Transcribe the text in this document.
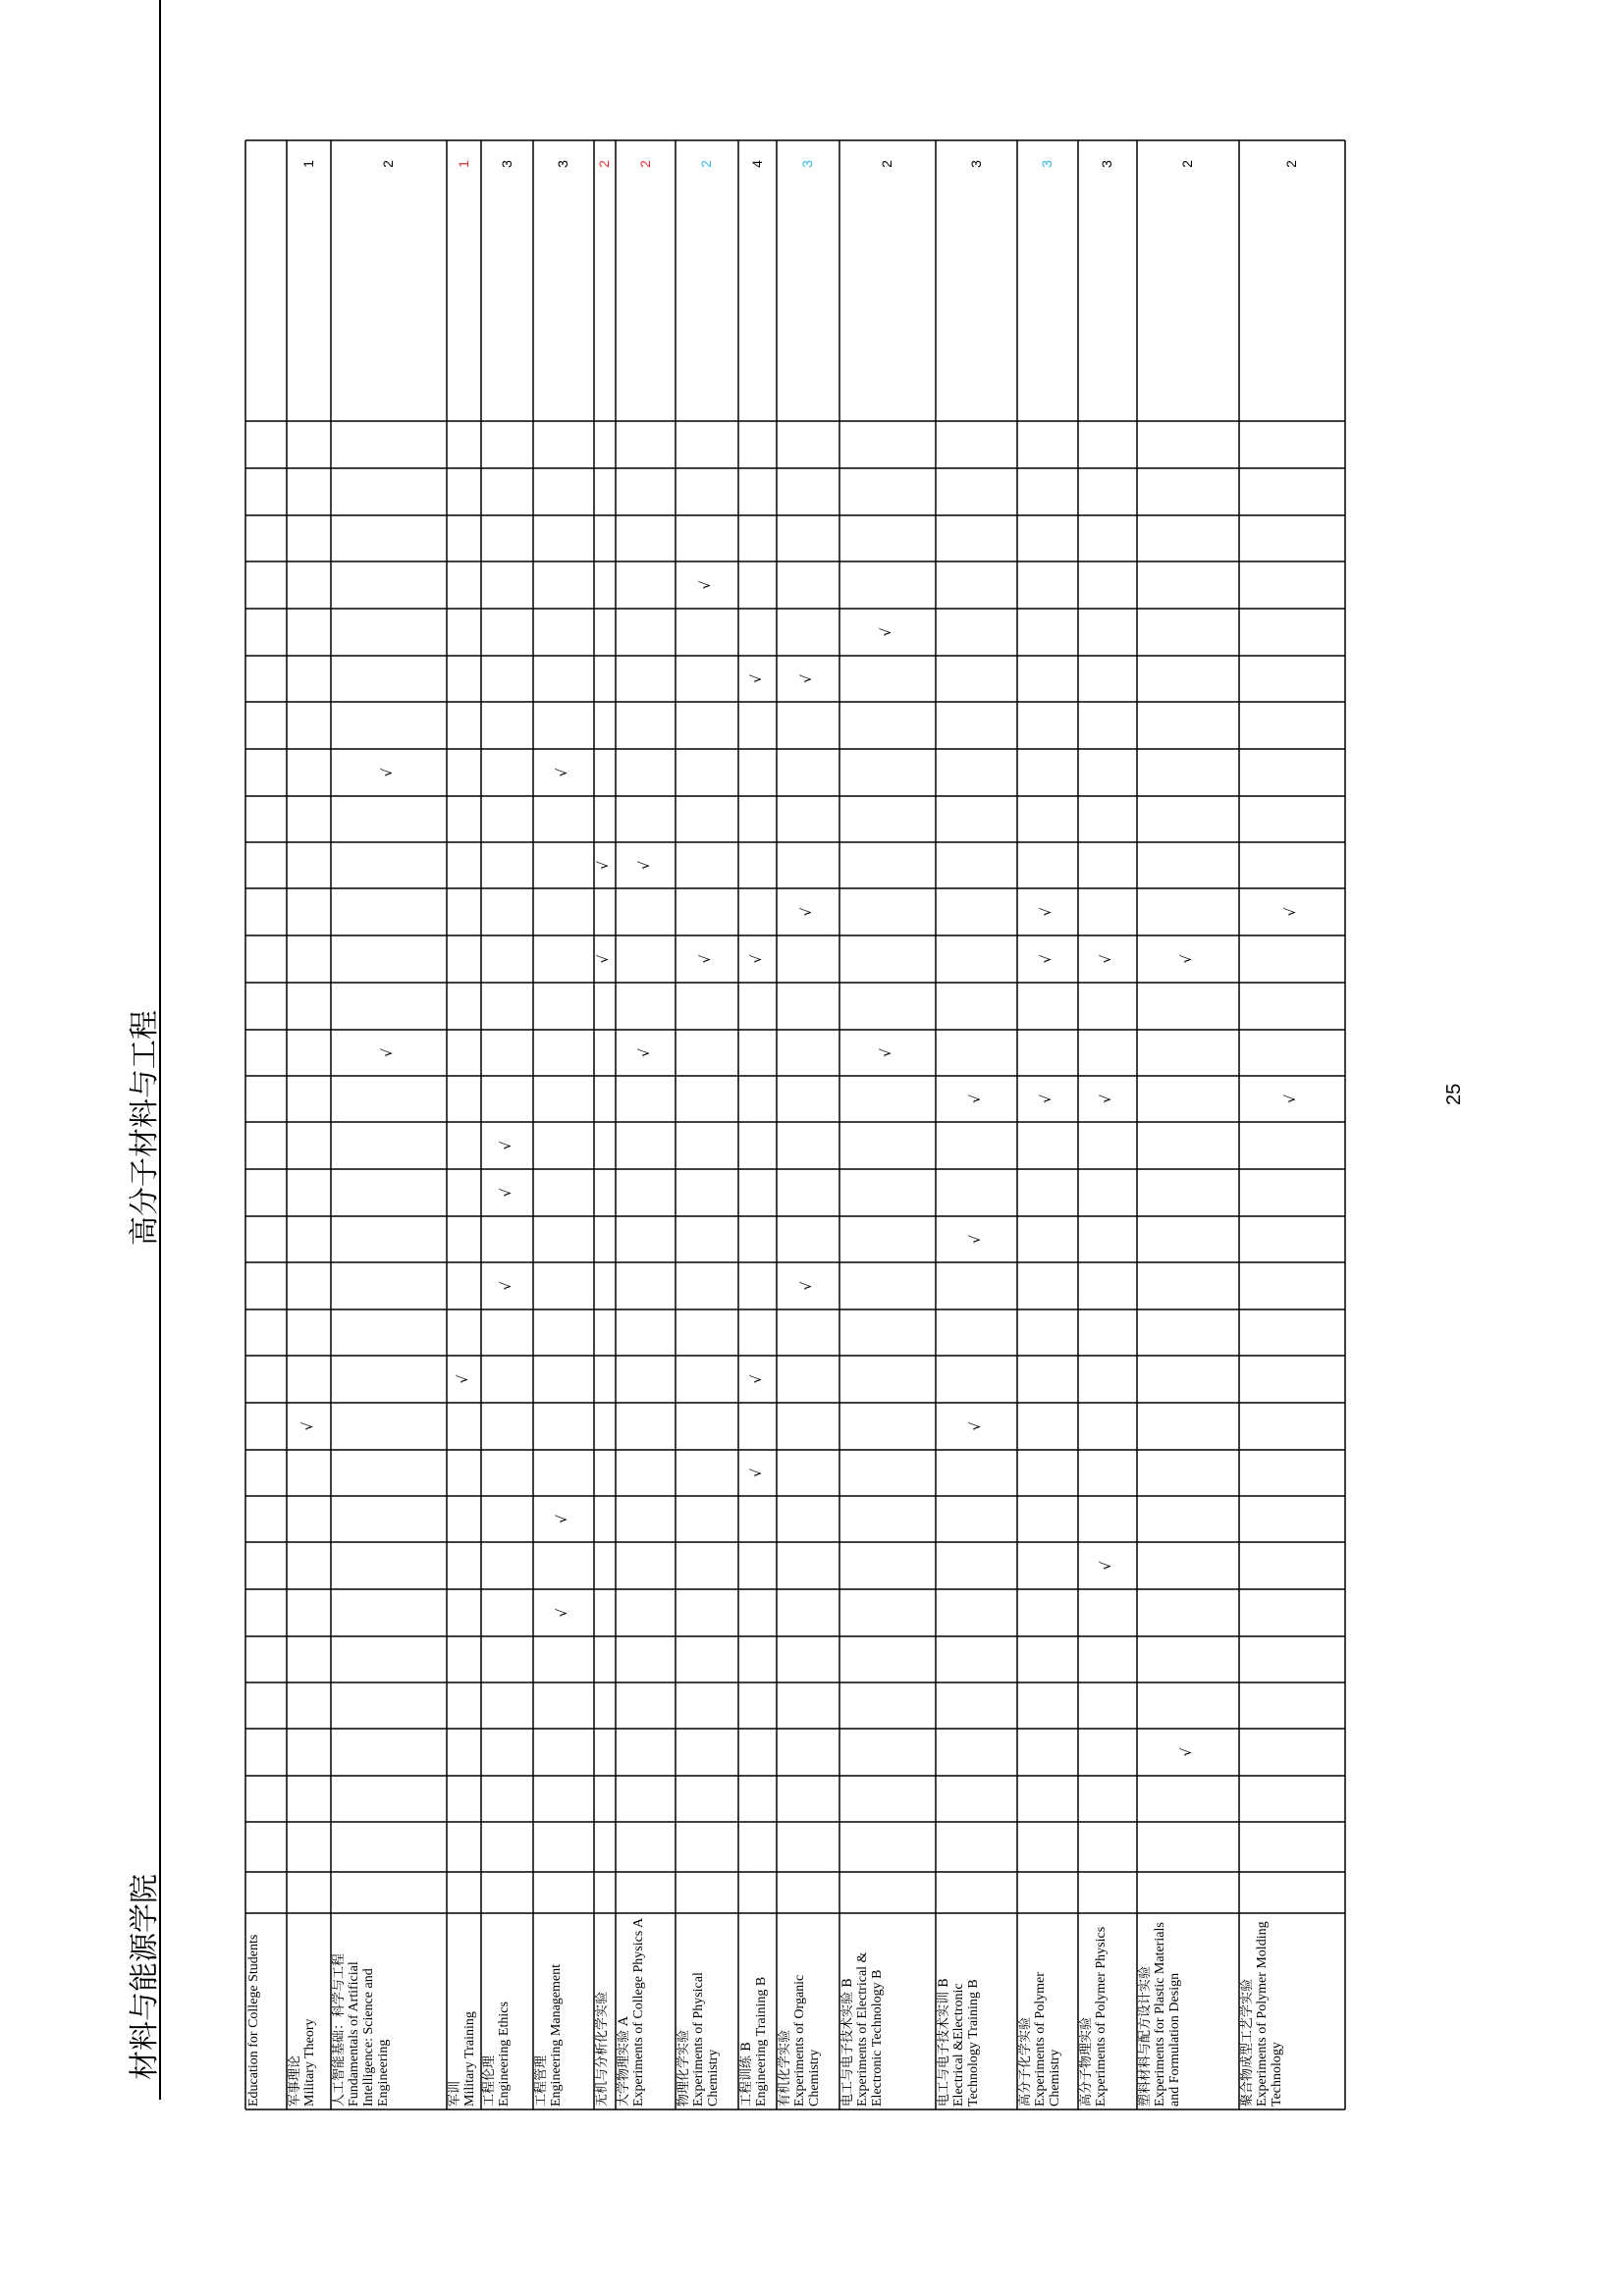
材料与能源学院
高分子材料与工程	25
Education for College Students 军事理论 Military Theory
√
1
人工智能基础：科学与工程 Fundamentals of Artificial Intelligence: Science and Engineering
√
√
2
军训 Military Training
√
1
工程伦理 Engineering Ethics
√
√
√
3
工程管理 Engineering Management
√
√
√
3
无机与分析化学实验
√
√
2
大学物理实验 A Experiments of College Physics A
√
√
2
物理化学实验 Experiments of Physical Chemistry
√
√
2
工程训练 B Engineering Training B
√
√
√
√
4
有机化学实验 Experiments of Organic Chemistry
√
√
√
3
电工与电子技术实验 B Experiments of Electrical & Electronic Technology B
√
√
2
电工与电子技术实训 B Electrical &Electronic Technology Training B
√
√
√
3
高分子化学实验 Experiments of Polymer Chemistry
√
√
√
3
高分子物理实验 Experiments of Polymer Physics
√
√
√
3
塑料材料与配方设计实验 Experiments for Plastic Materials and Formulation Design
√
√
2
聚合物成型工艺学实验 Experiments of Polymer Molding Technology
√
√
2
